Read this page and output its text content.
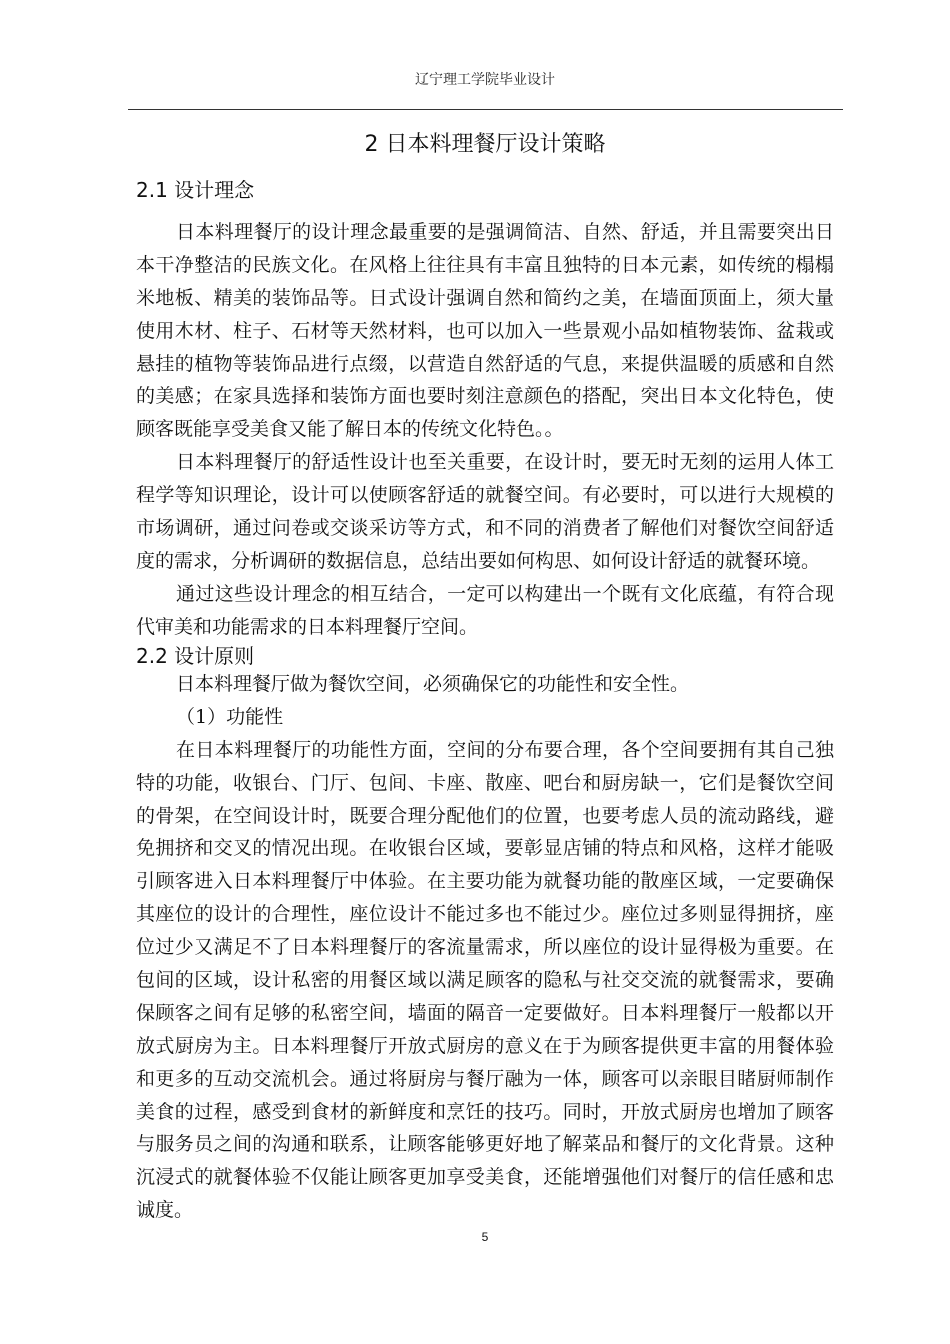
辽宁理工学院毕业设计
2 日本料理餐厅设计策略
2.1 设计理念
日本料理餐厅的设计理念最重要的是强调简洁、自然、舒适，并且需要突出日
本干净整洁的民族文化。在风格上往往具有丰富且独特的日本元素，如传统的榻榻
米地板、精美的装饰品等。日式设计强调自然和简约之美，在墙面顶面上，须大量
使用木材、柱子、石材等天然材料，也可以加入一些景观小品如植物装饰、盆栽或
悬挂的植物等装饰品进行点缀，以营造自然舒适的气息，来提供温暖的质感和自然
的美感；在家具选择和装饰方面也要时刻注意颜色的搭配，突出日本文化特色，使
顾客既能享受美食又能了解日本的传统文化特色。。
日本料理餐厅的舒适性设计也至关重要，在设计时，要无时无刻的运用人体工
程学等知识理论，设计可以使顾客舒适的就餐空间。有必要时，可以进行大规模的
市场调研，通过问卷或交谈采访等方式，和不同的消费者了解他们对餐饮空间舒适
度的需求，分析调研的数据信息，总结出要如何构思、如何设计舒适的就餐环境。
通过这些设计理念的相互结合，一定可以构建出一个既有文化底蕴，有符合现
代审美和功能需求的日本料理餐厅空间。
2.2 设计原则
日本料理餐厅做为餐饮空间，必须确保它的功能性和安全性。
（1）功能性
在日本料理餐厅的功能性方面，空间的分布要合理，各个空间要拥有其自己独
特的功能，收银台、门厅、包间、卡座、散座、吧台和厨房缺一，它们是餐饮空间
的骨架，在空间设计时，既要合理分配他们的位置，也要考虑人员的流动路线，避
免拥挤和交叉的情况出现。在收银台区域，要彰显店铺的特点和风格，这样才能吸
引顾客进入日本料理餐厅中体验。在主要功能为就餐功能的散座区域，一定要确保
其座位的设计的合理性，座位设计不能过多也不能过少。座位过多则显得拥挤，座
位过少又满足不了日本料理餐厅的客流量需求，所以座位的设计显得极为重要。在
包间的区域，设计私密的用餐区域以满足顾客的隐私与社交交流的就餐需求，要确
保顾客之间有足够的私密空间，墙面的隔音一定要做好。日本料理餐厅一般都以开
放式厨房为主。日本料理餐厅开放式厨房的意义在于为顾客提供更丰富的用餐体验
和更多的互动交流机会。通过将厨房与餐厅融为一体，顾客可以亲眼目睹厨师制作
美食的过程，感受到食材的新鲜度和烹饪的技巧。同时，开放式厨房也增加了顾客
与服务员之间的沟通和联系，让顾客能够更好地了解菜品和餐厅的文化背景。这种
沉浸式的就餐体验不仅能让顾客更加享受美食，还能增强他们对餐厅的信任感和忠
诚度。
5
